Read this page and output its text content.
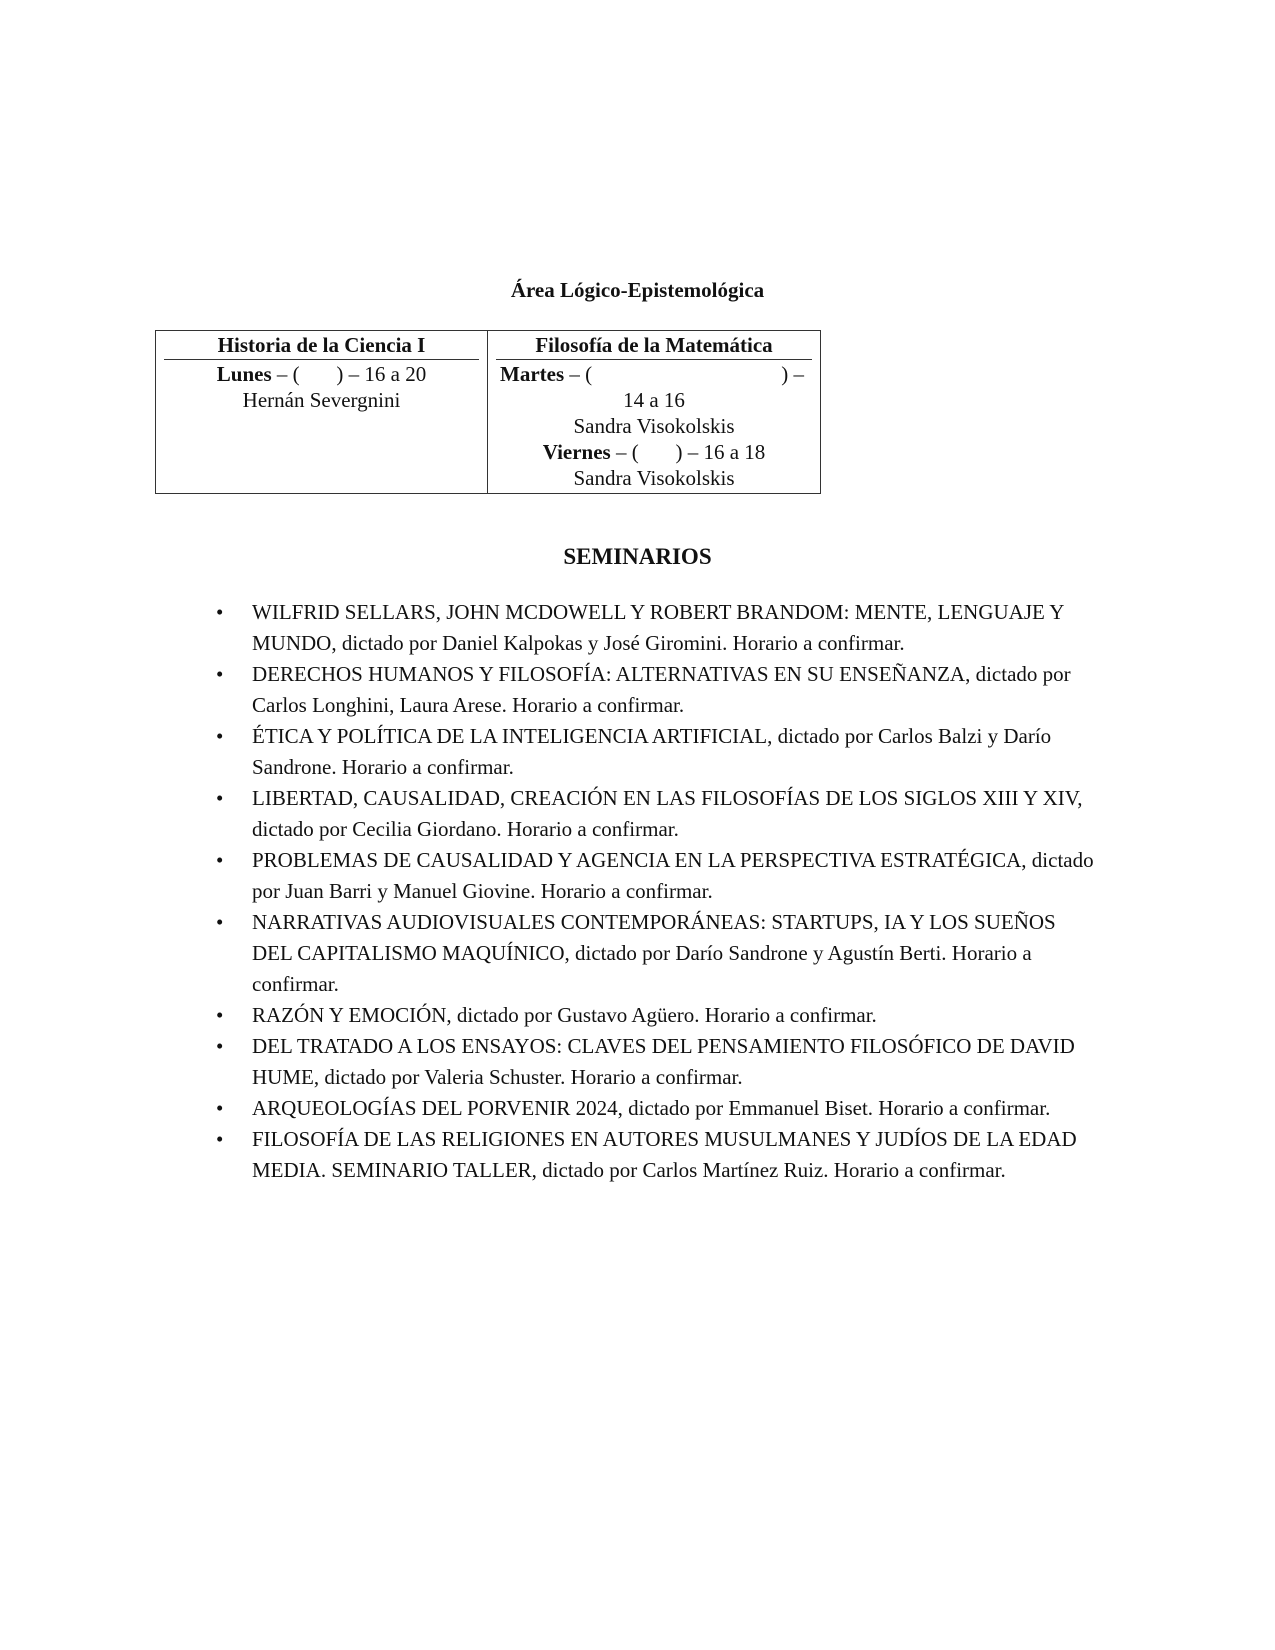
Área Lógico-Epistemológica
Historia de la Ciencia I
Lunes – (       ) – 16 a 20
Hernán Severgnini
Filosofía de la Matemática
Martes – (	) –
14 a 16
Sandra Visokolskis
Viernes – (       ) – 16 a 18
Sandra Visokolskis
SEMINARIOS
• WILFRID SELLARS, JOHN MCDOWELL Y ROBERT BRANDOM: MENTE, LENGUAJE Y MUNDO, dictado por Daniel Kalpokas y José Giromini. Horario a confirmar.
• DERECHOS HUMANOS Y FILOSOFÍA: ALTERNATIVAS EN SU ENSEÑANZA, dictado por Carlos Longhini, Laura Arese. Horario a confirmar.
• ÉTICA Y POLÍTICA DE LA INTELIGENCIA ARTIFICIAL, dictado por Carlos Balzi y Darío Sandrone. Horario a confirmar.
• LIBERTAD, CAUSALIDAD, CREACIÓN EN LAS FILOSOFÍAS DE LOS SIGLOS XIII Y XIV, dictado por Cecilia Giordano. Horario a confirmar.
• PROBLEMAS DE CAUSALIDAD Y AGENCIA EN LA PERSPECTIVA ESTRATÉGICA, dictado por Juan Barri y Manuel Giovine. Horario a confirmar.
• NARRATIVAS AUDIOVISUALES CONTEMPORÁNEAS: STARTUPS, IA Y LOS SUEÑOS DEL CAPITALISMO MAQUÍNICO, dictado por Darío Sandrone y Agustín Berti. Horario a confirmar.
• RAZÓN Y EMOCIÓN, dictado por Gustavo Agüero. Horario a confirmar.
• DEL TRATADO A LOS ENSAYOS: CLAVES DEL PENSAMIENTO FILOSÓFICO DE DAVID HUME, dictado por Valeria Schuster. Horario a confirmar.
• ARQUEOLOGÍAS DEL PORVENIR 2024, dictado por Emmanuel Biset. Horario a confirmar.
• FILOSOFÍA DE LAS RELIGIONES EN AUTORES MUSULMANES Y JUDÍOS DE LA EDAD MEDIA. SEMINARIO TALLER, dictado por Carlos Martínez Ruiz. Horario a confirmar.
